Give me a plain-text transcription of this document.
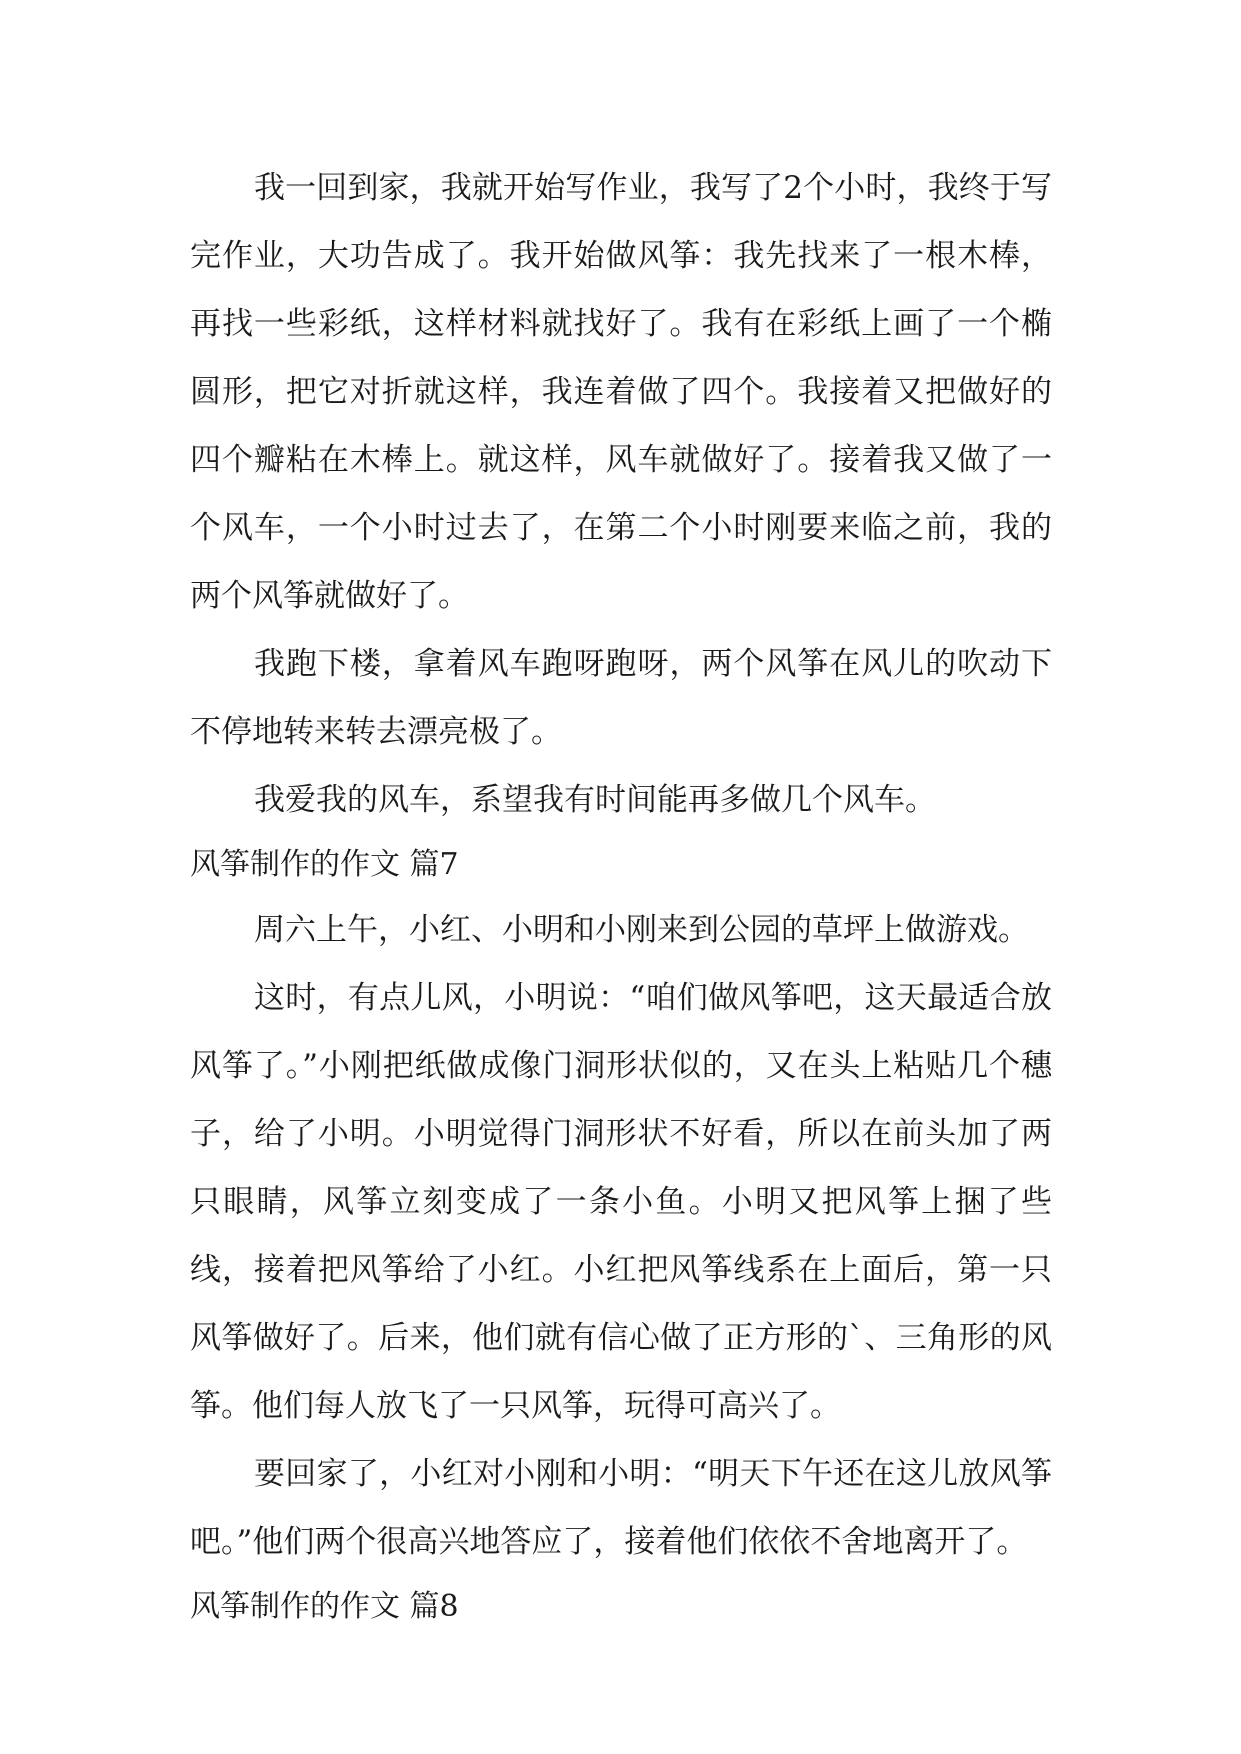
我一回到家，我就开始写作业，我写了2个小时，我终于写完作业，大功告成了。我开始做风筝：我先找来了一根木棒，再找一些彩纸，这样材料就找好了。我有在彩纸上画了一个椭圆形，把它对折就这样，我连着做了四个。我接着又把做好的四个瓣粘在木棒上。就这样，风车就做好了。接着我又做了一个风车，一个小时过去了，在第二个小时刚要来临之前，我的两个风筝就做好了。

我跑下楼，拿着风车跑呀跑呀，两个风筝在风儿的吹动下不停地转来转去漂亮极了。

我爱我的风车，系望我有时间能再多做几个风车。

风筝制作的作文 篇7

周六上午，小红、小明和小刚来到公园的草坪上做游戏。

这时，有点儿风，小明说：“咱们做风筝吧，这天最适合放风筝了。”小刚把纸做成像门洞形状似的，又在头上粘贴几个穗子，给了小明。小明觉得门洞形状不好看，所以在前头加了两只眼睛，风筝立刻变成了一条小鱼。小明又把风筝上捆了些线，接着把风筝给了小红。小红把风筝线系在上面后，第一只风筝做好了。后来，他们就有信心做了正方形的`、三角形的风筝。他们每人放飞了一只风筝，玩得可高兴了。

要回家了，小红对小刚和小明：“明天下午还在这儿放风筝吧。”他们两个很高兴地答应了，接着他们依依不舍地离开了。

风筝制作的作文 篇8
